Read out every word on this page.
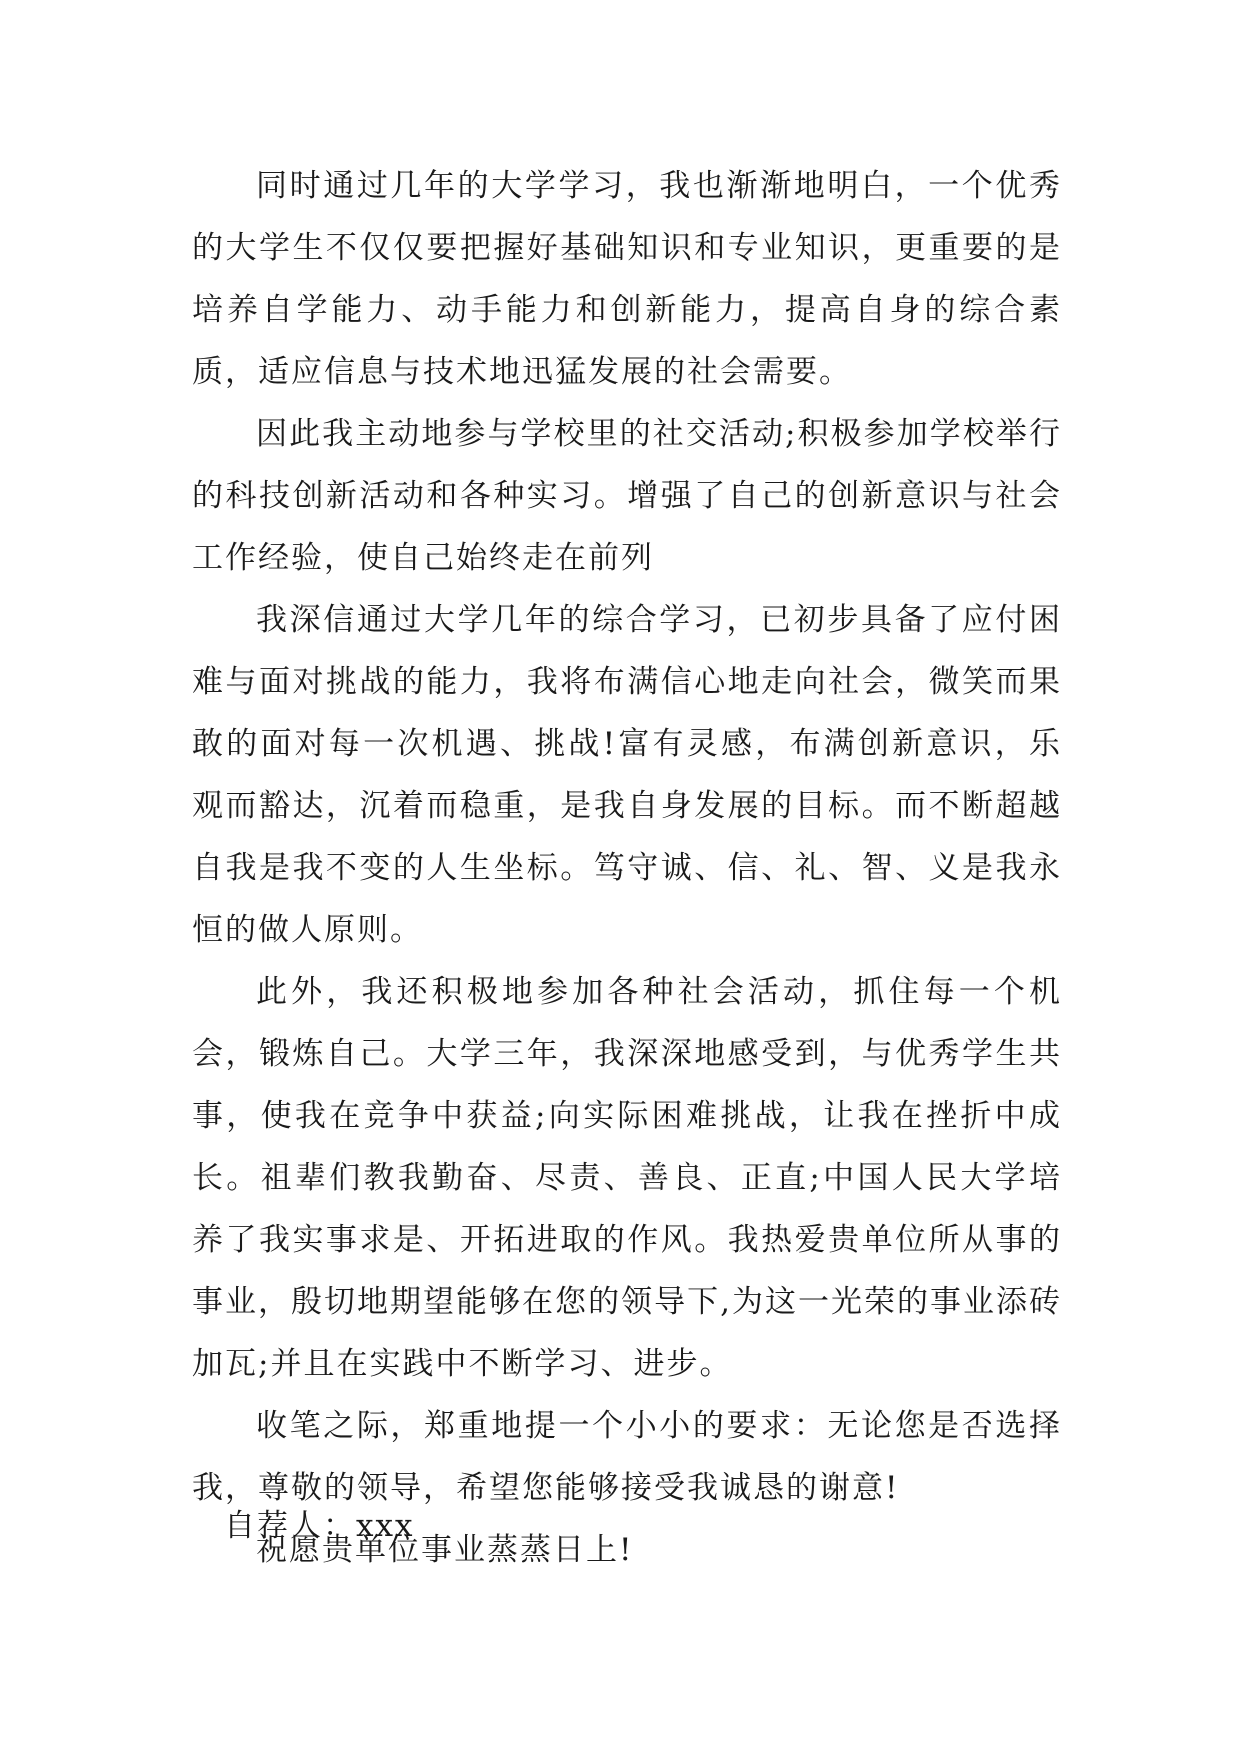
同时通过几年的大学学习，我也渐渐地明白，一个优秀的大学生不仅仅要把握好基础知识和专业知识，更重要的是培养自学能力、动手能力和创新能力，提高自身的综合素质，适应信息与技术地迅猛发展的社会需要。

因此我主动地参与学校里的社交活动;积极参加学校举行的科技创新活动和各种实习。增强了自己的创新意识与社会工作经验，使自己始终走在前列

我深信通过大学几年的综合学习，已初步具备了应付困难与面对挑战的能力，我将布满信心地走向社会，微笑而果敢的面对每一次机遇、挑战!富有灵感，布满创新意识，乐观而豁达，沉着而稳重，是我自身发展的目标。而不断超越自我是我不变的人生坐标。笃守诚、信、礼、智、义是我永恒的做人原则。

此外，我还积极地参加各种社会活动，抓住每一个机会，锻炼自己。大学三年，我深深地感受到，与优秀学生共事，使我在竞争中获益;向实际困难挑战，让我在挫折中成长。祖辈们教我勤奋、尽责、善良、正直;中国人民大学培养了我实事求是、开拓进取的作风。我热爱贵单位所从事的事业，殷切地期望能够在您的领导下,为这一光荣的事业添砖加瓦;并且在实践中不断学习、进步。

收笔之际，郑重地提一个小小的要求：无论您是否选择我，尊敬的领导，希望您能够接受我诚恳的谢意!

祝愿贵单位事业蒸蒸日上!

自荐人：xxx
